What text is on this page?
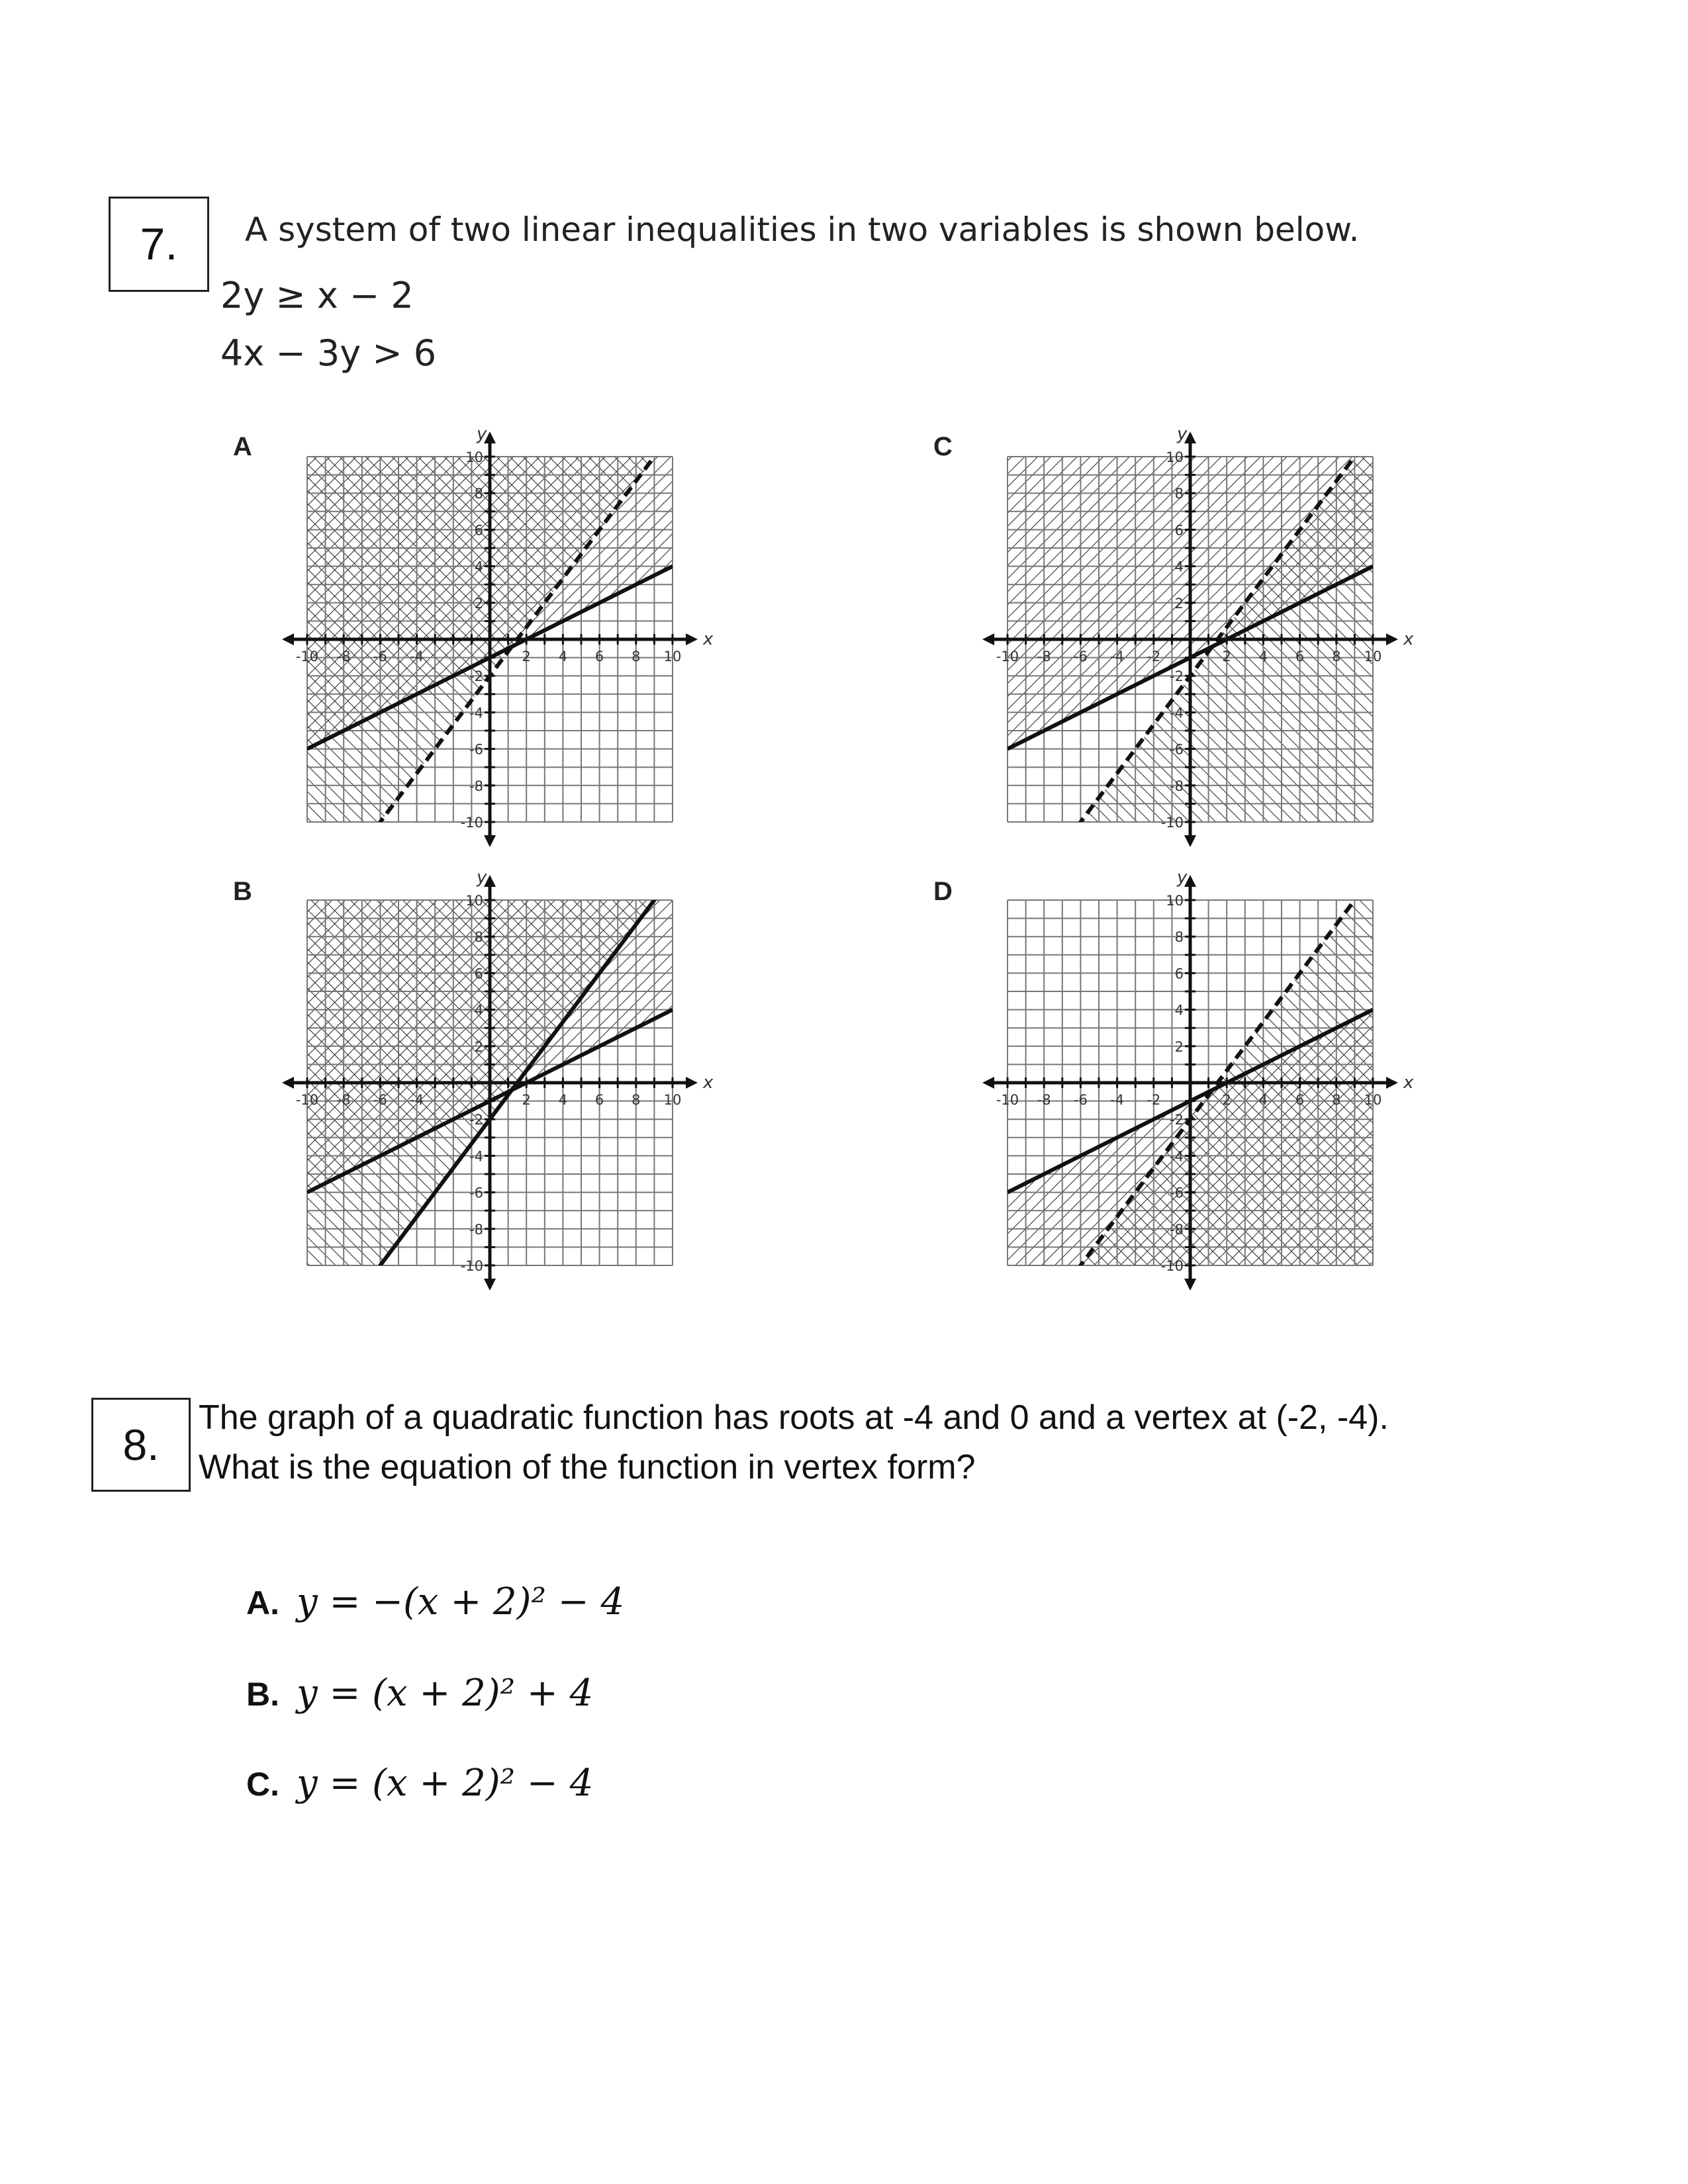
7.	A system of two linear inequalities in two variables is shown below.
2y ≥ x − 2
4x − 3y > 6
A	C
B	D
-10 -8 -6 -4	2 4 6 8 10
10
8
6
4
2
-2
-4
-6
-8
-10
x
y
-10 -8 -6 -4	2 4 6 8 10
10
8
6
4
2
-2
-4
-6
-8
-10
x
y
-10 -8 -6 -4 -2	2 4 6 8 10
10
8
6
4
2
-2
-4
-6
-8
-10
x
y
-10 -8 -6 -4 -2	2 4 6 8 10
10
8
6
4
2
-2
-4
-6
-8
-10
x
y
8.
The graph of a quadratic function has roots at -4 and 0 and a vertex at (-2, -4).
What is the equation of the function in vertex form?
A. y = −(x + 2)² − 4
B. y = (x + 2)² + 4
C. y = (x + 2)² − 4
